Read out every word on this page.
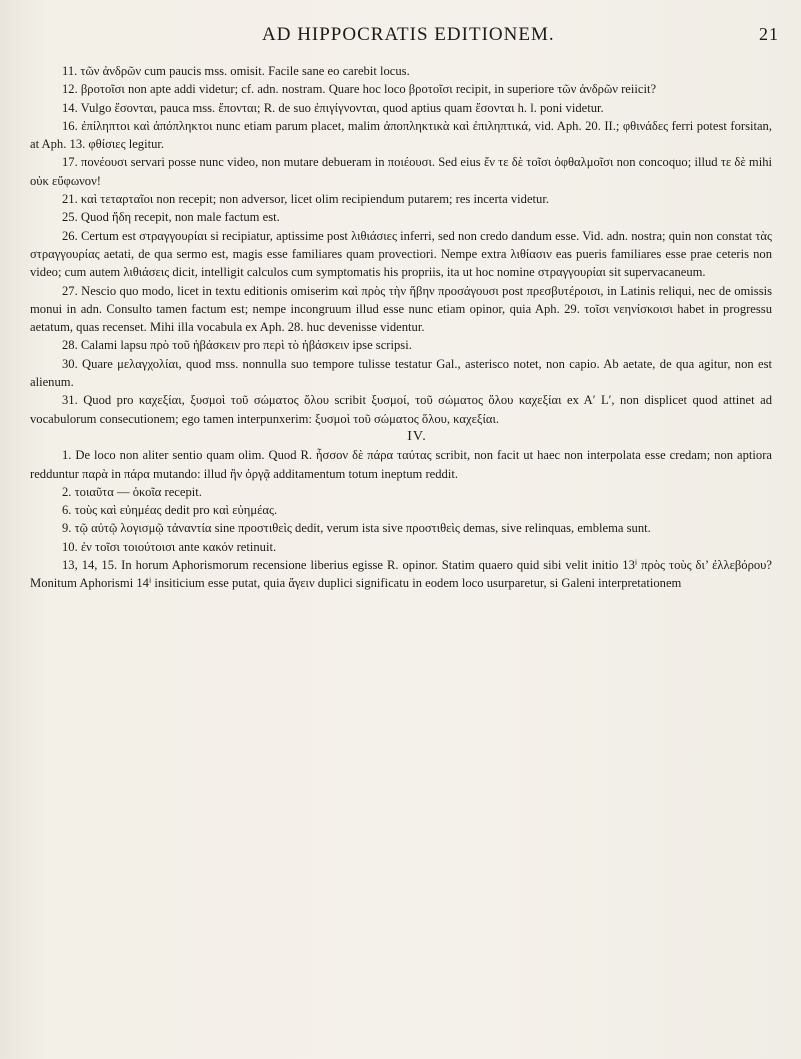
AD HIPPOCRATIS EDITIONEM.	21

11. τῶν ἀνδρῶν cum paucis mss. omisit. Facile sane eo carebit locus.

12. βροτοῖσι non apte addi videtur; cf. adn. nostram. Quare hoc loco βροτοῖσι recipit, in superiore τῶν ἀνδρῶν reiicit?

14. Vulgo ἔσονται, pauca mss. ἔπονται; R. de suo ἐπιγίγνονται, quod aptius quam ἔσονται h. l. poni videtur.

16. ἐπίληπτοι καὶ ἀπόπληκτοι nunc etiam parum placet, malim ἀποπληκτικὰ καὶ ἐπιληπτικά, vid. Aph. 20. II.; φθινάδες ferri potest forsitan, at Aph. 13. φθίσιες legitur.

17. πονέουσι servari posse nunc video, non mutare debueram in ποιέουσι. Sed eius ἔν τε δὲ τοῖσι ὀφθαλμοῖσι non concoquo; illud τε δὲ mihi οὐκ εὔφωνον!

21. καὶ τεταρταῖοι non recepit; non adversor, licet olim recipiendum putarem; res incerta videtur.

25. Quod ἤδη recepit, non male factum est.

26. Certum est στραγγουρίαι si recipiatur, aptissime post λιθιάσιες inferri, sed non credo dandum esse. Vid. adn. nostra; quin non constat τὰς στραγγουρίας aetati, de qua sermo est, magis esse familiares quam provectiori. Nempe extra λιθίασιν eas pueris familiares esse prae ceteris non video; cum autem λιθιάσεις dicit, intelligit calculos cum symptomatis his propriis, ita ut hoc nomine στραγγουρίαι sit supervacaneum.

27. Nescio quo modo, licet in textu editionis omiserim καὶ πρὸς τὴν ἥβην προσάγουσι post πρεσβυτέροισι, in Latinis reliqui, nec de omissis monui in adn. Consulto tamen factum est; nempe incongruum illud esse nunc etiam opinor, quia Aph. 29. τοῖσι νεηνίσκοισι habet in progressu aetatum, quas recenset. Mihi illa vocabula ex Aph. 28. huc devenisse videntur.

28. Calami lapsu πρὸ τοῦ ἡβάσκειν pro περὶ τὸ ἡβάσκειν ipse scripsi.

30. Quare μελαγχολίαι, quod mss. nonnulla suo tempore tulisse testatur Gal., asterisco notet, non capio. Ab aetate, de qua agitur, non est alienum.

31. Quod pro καχεξίαι, ξυσμοὶ τοῦ σώματος ὅλου scribit ξυσμοί, τοῦ σώματος ὅλου καχεξίαι ex A′ L′, non displicet quod attinet ad vocabulorum consecutionem; ego tamen interpunxerim: ξυσμοὶ τοῦ σώματος ὅλου, καχεξίαι.

IV.

1. De loco non aliter sentio quam olim. Quod R. ἧσσον δὲ πάρα ταύτας scribit, non facit ut haec non interpolata esse credam; non aptiora redduntur παρὰ in πάρα mutando: illud ἢν ὀργᾷ additamentum totum ineptum reddit.

2. τοιαῦτα — ὁκοῖα recepit.

6. τοὺς καὶ εὐημέας dedit pro καὶ εὐημέας.

9. τῷ αὐτῷ λογισμῷ τἀναντία sine προστιθεὶς dedit, verum ista sive προστιθεὶς demas, sive relinquas, emblema sunt.

10. ἐν τοῖσι τοιούτοισι ante κακόν retinuit.

13, 14, 15. In horum Aphorismorum recensione liberius egisse R. opinor. Statim quaero quid sibi velit initio 13ⁱ πρὸς τοὺς δι’ ἐλλεβόρου? Monitum Aphorismi 14ⁱ insiticium esse putat, quia ἄγειν duplici significatu in eodem loco usurparetur, si Galeni interpretationem
